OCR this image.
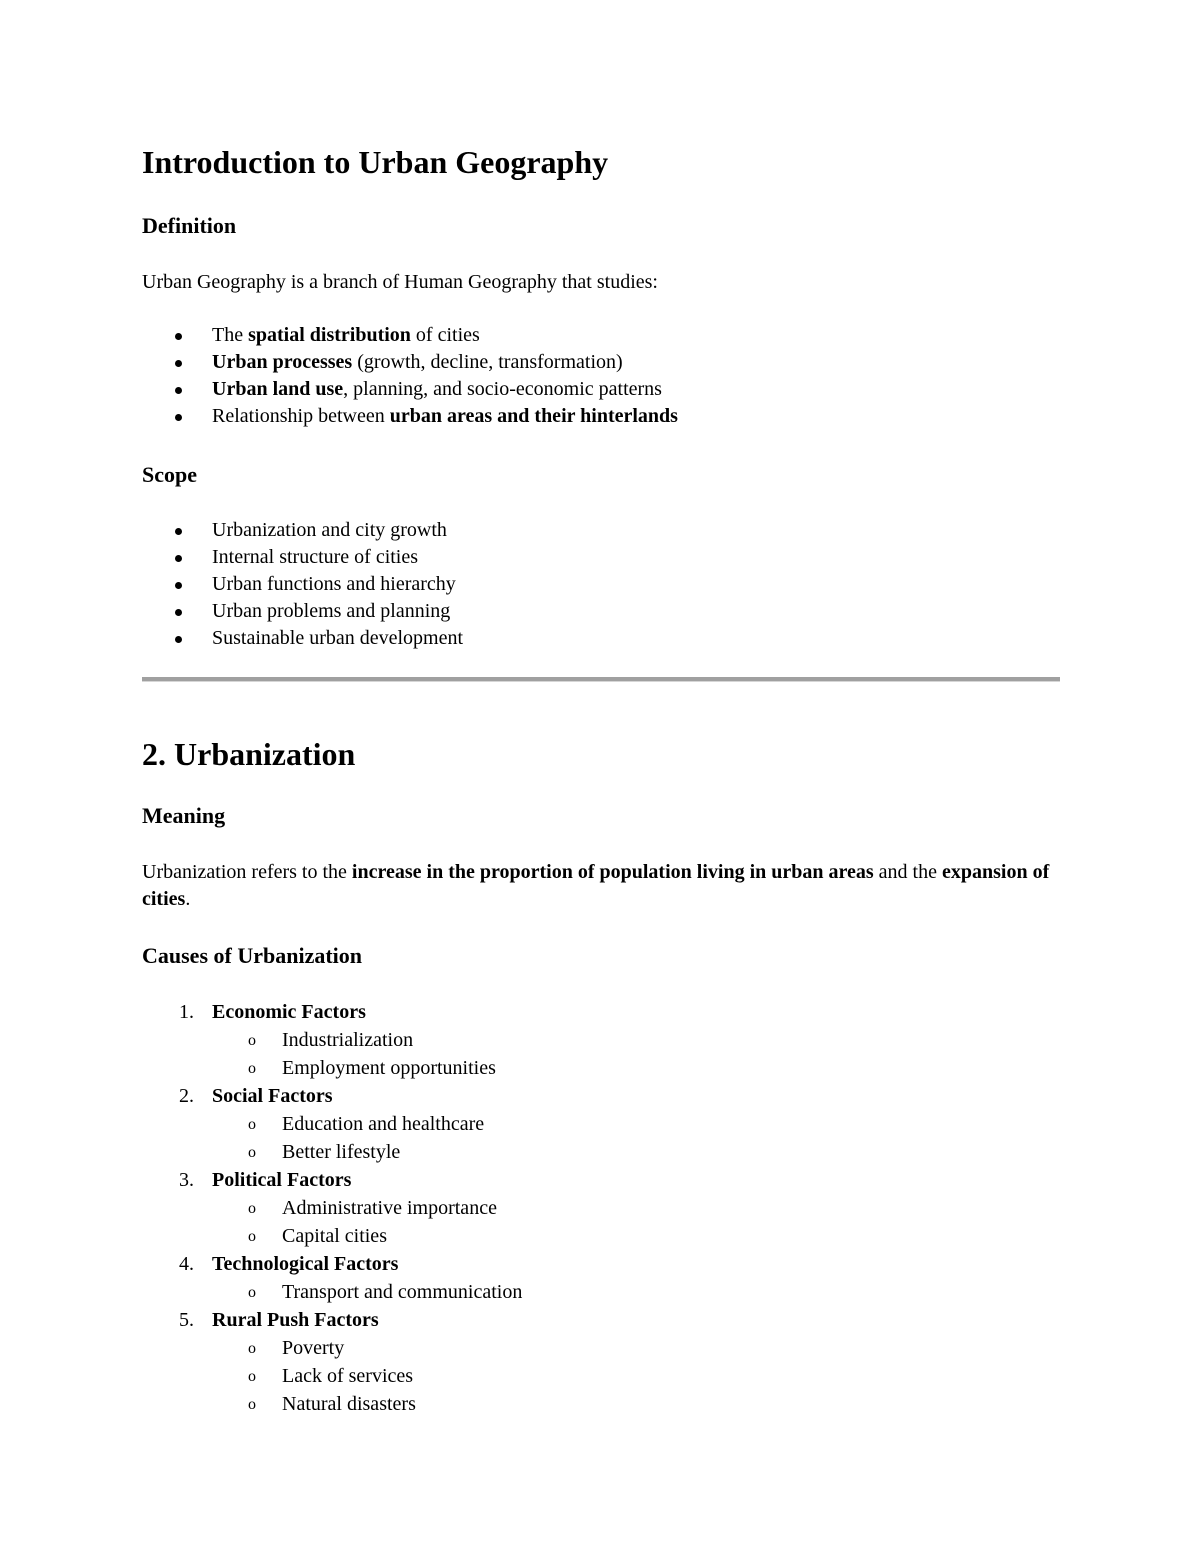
Introduction to Urban Geography
Definition

Urban Geography is a branch of Human Geography that studies:

The spatial distribution of cities
Urban processes (growth, decline, transformation)
Urban land use, planning, and socio-economic patterns
Relationship between urban areas and their hinterlands
Scope
Urbanization and city growth
Internal structure of cities
Urban functions and hierarchy
Urban problems and planning
Sustainable urban development
2. Urbanization
Meaning

Urbanization refers to the increase in the proportion of population living in urban areas and the expansion of cities.

Causes of Urbanization
1. Economic Factors
o Industrialization
o Employment opportunities
2. Social Factors
o Education and healthcare
o Better lifestyle
3. Political Factors
o Administrative importance
o Capital cities
4. Technological Factors
o Transport and communication
5. Rural Push Factors
o Poverty
o Lack of services
o Natural disasters
